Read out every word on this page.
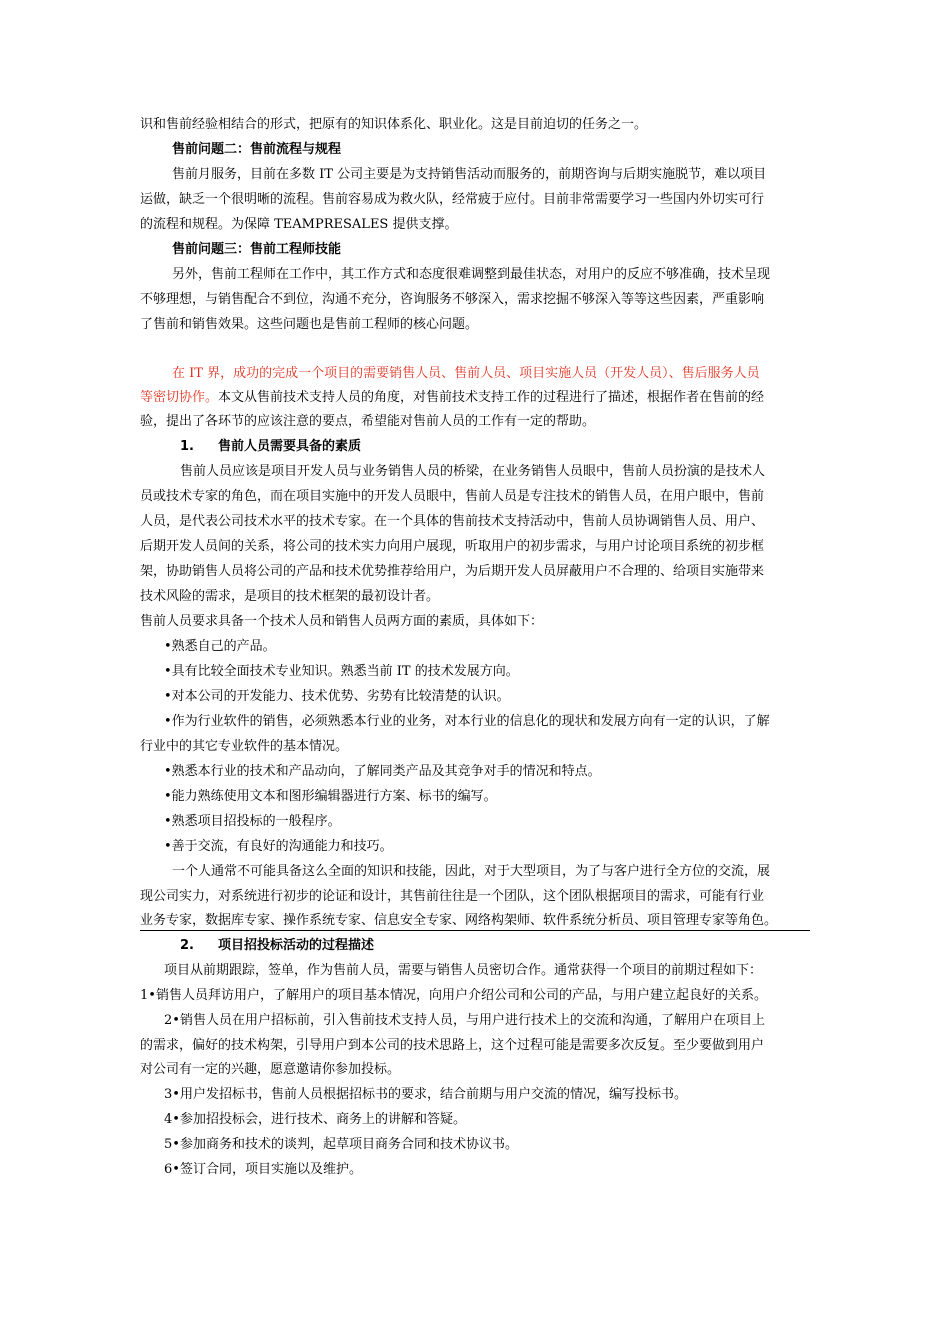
识和售前经验相结合的形式，把原有的知识体系化、职业化。这是目前迫切的任务之一。
售前问题二：售前流程与规程
售前月服务，目前在多数 IT 公司主要是为支持销售活动而服务的，前期咨询与后期实施脱节，难以项目
运做，缺乏一个很明晰的流程。售前容易成为救火队，经常疲于应付。目前非常需要学习一些国内外切实可行
的流程和规程。为保障 TEAMPRESALES 提供支撑。
售前问题三：售前工程师技能
另外，售前工程师在工作中，其工作方式和态度很难调整到最佳状态，对用户的反应不够准确，技术呈现
不够理想，与销售配合不到位，沟通不充分，咨询服务不够深入，需求挖掘不够深入等等这些因素，严重影响
了售前和销售效果。这些问题也是售前工程师的核心问题。
在 IT 界，成功的完成一个项目的需要销售人员、售前人员、项目实施人员（开发人员）、售后服务人员
等密切协作。本文从售前技术支持人员的角度，对售前技术支持工作的过程进行了描述，根据作者在售前的经
验，提出了各环节的应该注意的要点，希望能对售前人员的工作有一定的帮助。
1. 售前人员需要具备的素质
售前人员应该是项目开发人员与业务销售人员的桥梁，在业务销售人员眼中，售前人员扮演的是技术人
员或技术专家的角色，而在项目实施中的开发人员眼中，售前人员是专注技术的销售人员，在用户眼中，售前
人员，是代表公司技术水平的技术专家。在一个具体的售前技术支持活动中，售前人员协调销售人员、用户、
后期开发人员间的关系，将公司的技术实力向用户展现，听取用户的初步需求，与用户讨论项目系统的初步框
架，协助销售人员将公司的产品和技术优势推荐给用户，为后期开发人员屏蔽用户不合理的、给项目实施带来
技术风险的需求，是项目的技术框架的最初设计者。
售前人员要求具备一个技术人员和销售人员两方面的素质，具体如下：
•熟悉自己的产品。
•具有比较全面技术专业知识。熟悉当前 IT 的技术发展方向。
•对本公司的开发能力、技术优势、劣势有比较清楚的认识。
•作为行业软件的销售，必须熟悉本行业的业务，对本行业的信息化的现状和发展方向有一定的认识，了解
行业中的其它专业软件的基本情况。
•熟悉本行业的技术和产品动向，了解同类产品及其竞争对手的情况和特点。
•能力熟练使用文本和图形编辑器进行方案、标书的编写。
•熟悉项目招投标的一般程序。
•善于交流，有良好的沟通能力和技巧。
一个人通常不可能具备这么全面的知识和技能，因此，对于大型项目，为了与客户进行全方位的交流，展
现公司实力，对系统进行初步的论证和设计，其售前往往是一个团队，这个团队根据项目的需求，可能有行业
业务专家，数据库专家、操作系统专家、信息安全专家、网络构架师、软件系统分析员、项目管理专家等角色。
2. 项目招投标活动的过程描述
项目从前期跟踪，签单，作为售前人员，需要与销售人员密切合作。通常获得一个项目的前期过程如下：
1•销售人员拜访用户，了解用户的项目基本情况，向用户介绍公司和公司的产品，与用户建立起良好的关系。
2•销售人员在用户招标前，引入售前技术支持人员，与用户进行技术上的交流和沟通，了解用户在项目上
的需求，偏好的技术构架，引导用户到本公司的技术思路上，这个过程可能是需要多次反复。至少要做到用户
对公司有一定的兴趣，愿意邀请你参加投标。
3•用户发招标书，售前人员根据招标书的要求，结合前期与用户交流的情况，编写投标书。
4•参加招投标会，进行技术、商务上的讲解和答疑。
5•参加商务和技术的谈判，起草项目商务合同和技术协议书。
6•签订合同，项目实施以及维护。
